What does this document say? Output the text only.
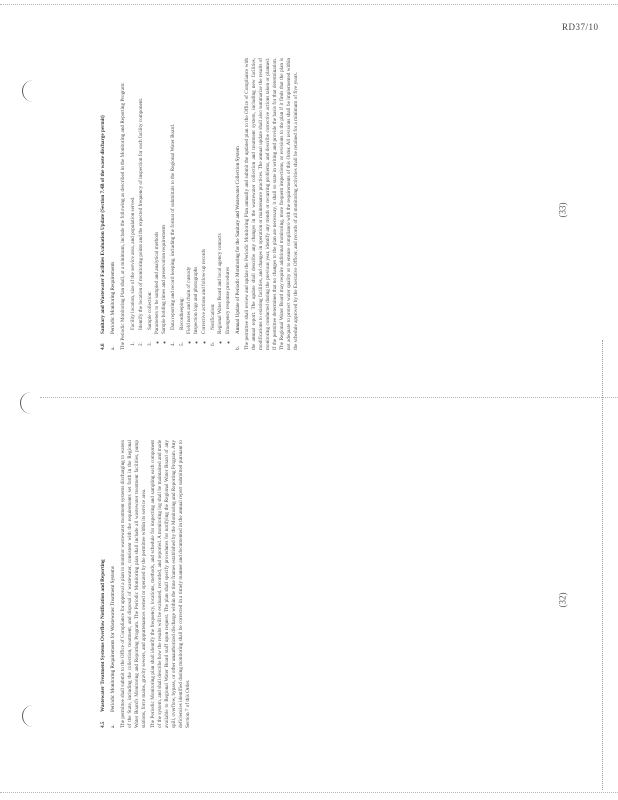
RD37/10
(33)
(32)
4.5Wastewater Treatment Systems Overflow Notification and Reporting
a.Periodic Monitoring Requirements for Wastewater Treatment Systems The permittee shall submit to the Office of Compliance for approval a plan to monitor wastewater treatment systems discharging to waters of the State, including the collection, treatment, and disposal of wastewater, consistent with the requirements set forth in the Regional Water Board's Monitoring and Reporting Program. The Periodic Monitoring plan shall include all wastewater treatment facilities, pump stations, force mains, gravity sewers, and appurtenances owned or operated by the permittee within its service area. The Periodic Monitoring plan shall identify the frequency, locations, methods, and schedule for inspecting and sampling each component of the system, and shall describe how the results will be evaluated, recorded, and reported. A monitoring log shall be maintained and made available to Regional Water Board staff upon request. The plan shall specify procedures for notifying the Regional Water Board of any spill, overflow, bypass, or other unauthorized discharge within the time frames established by the Monitoring and Reporting Program. Any deficiencies identified during monitoring shall be corrected in a timely manner and documented in the annual report submitted pursuant to Section 7 of this Order.

4.6Sanitary and Wastewater Facilities Evaluation Update (Section 7.4B of the waste discharge permit)
a.Periodic Monitoring Requirements The Periodic Monitoring Plan shall, at a minimum, include the following as described in the Monitoring and Reporting Program: 1.Facility location, size of the service area, and population served.
2.Identify the location of monitoring points and the expected frequency of inspection for each facility component.
3.Sample collection: ◦ Parameters to be sampled and analytical methods ◦ Sample holding times and preservation requirements
4.Data reporting and record keeping, including the format of submittals to the Regional Water Board.
5.Recordkeeping: ◦ Field notes and chain of custody ◦ Inspection logs and photographs ◦ Corrective actions and follow-up records
6.Notification: ◦ Regional Water Board and local agency contacts ◦ Emergency response procedures
b.Annual Update of Periodic Monitoring for the Sanitary and Wastewater Collection System The permittee shall review and update the Periodic Monitoring Plan annually and submit the updated plan to the Office of Compliance with the annual report. The update shall describe any changes in the wastewater collection and treatment system, including new facilities, modifications to existing facilities, and changes in operation or maintenance practices. The annual update shall also summarize the results of monitoring conducted during the previous year, identify any trends or recurring problems, and describe corrective actions taken or planned. If the permittee determines that no changes to the plan are necessary, it shall so state in writing and provide the basis for that determination. The Regional Water Board may require additional monitoring, more frequent inspections, or revisions to the plan if it finds that the plan is not adequate to protect water quality or to ensure compliance with the requirements of this Order. All revisions shall be implemented within the schedule approved by the Executive Officer, and records of all monitoring activities shall be retained for a minimum of five years.
